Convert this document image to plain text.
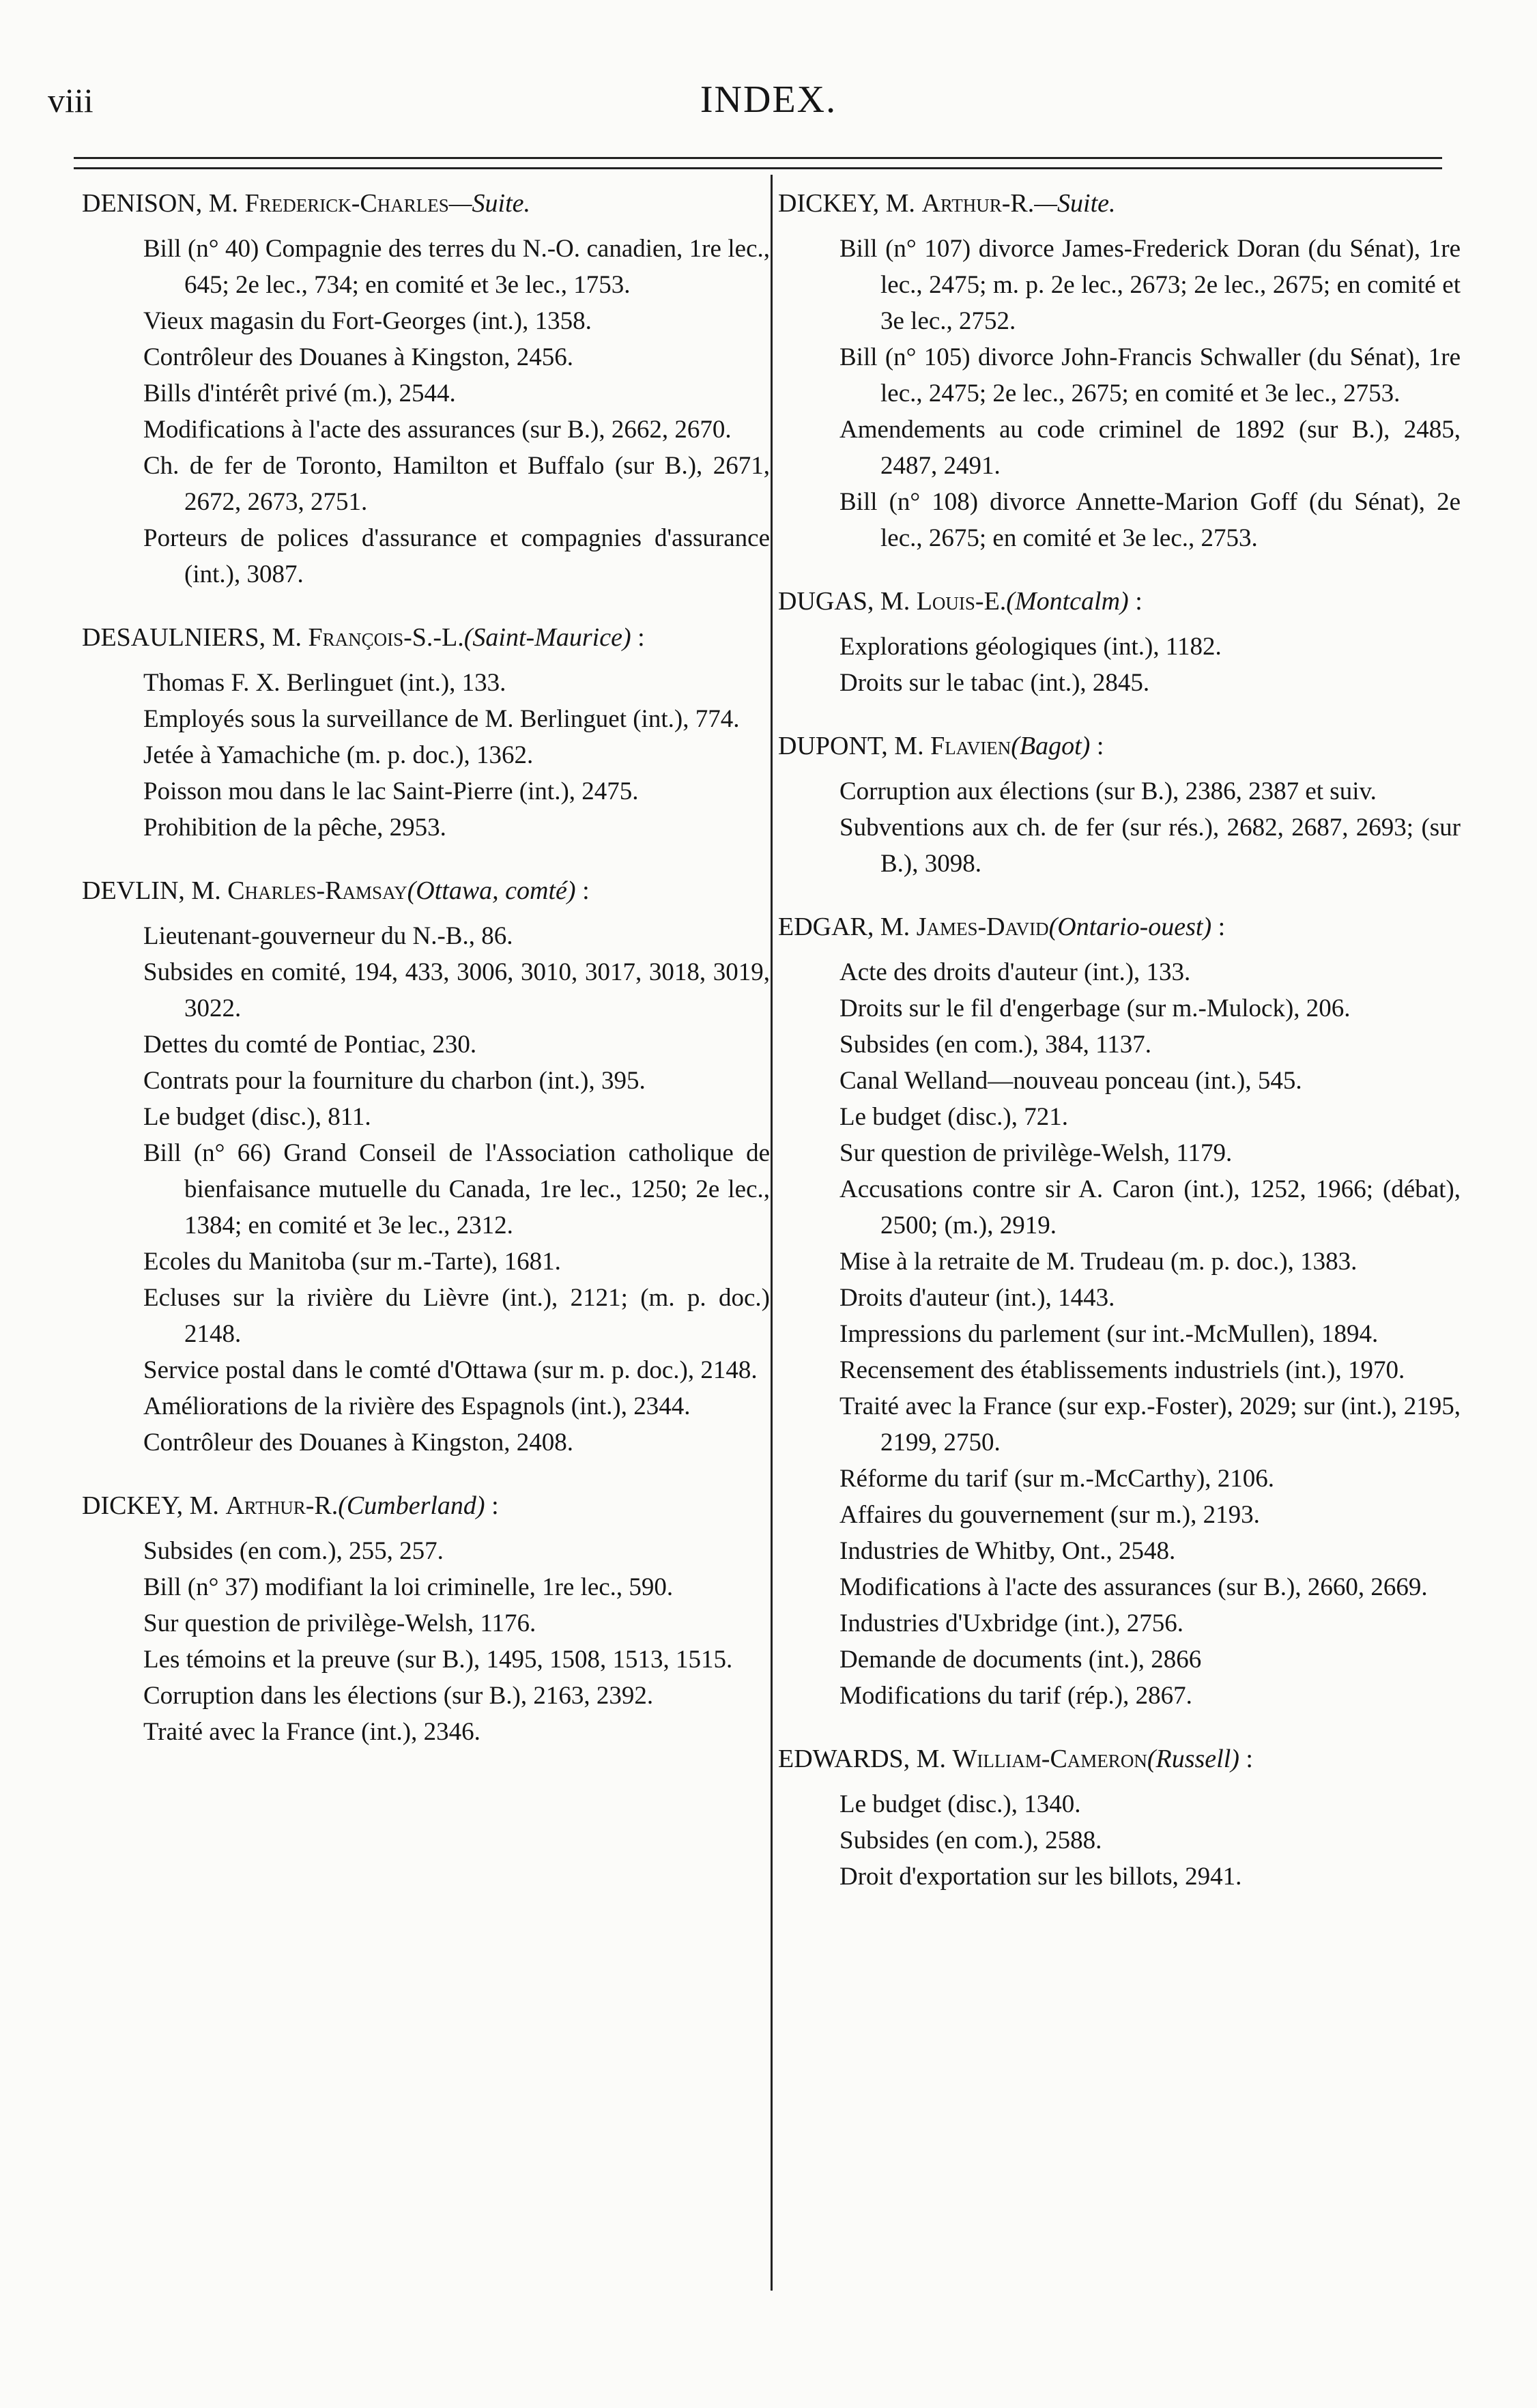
viii	INDEX.
DENISON, M. Frederick-Charles—Suite.
Bill (n° 40) Compagnie des terres du N.-O. canadien, 1re lec., 645; 2e lec., 734; en comité et 3e lec., 1753.
Vieux magasin du Fort-Georges (int.), 1358.
Contrôleur des Douanes à Kingston, 2456.
Bills d'intérêt privé (m.), 2544.
Modifications à l'acte des assurances (sur B.), 2662, 2670.
Ch. de fer de Toronto, Hamilton et Buffalo (sur B.), 2671, 2672, 2673, 2751.
Porteurs de polices d'assurance et compagnies d'assurance (int.), 3087.
DESAULNIERS, M. François-S.-L.(Saint-Maurice) :
Thomas F. X. Berlinguet (int.), 133.
Employés sous la surveillance de M. Berlinguet (int.), 774.
Jetée à Yamachiche (m. p. doc.), 1362.
Poisson mou dans le lac Saint-Pierre (int.), 2475.
Prohibition de la pêche, 2953.
DEVLIN, M. Charles-Ramsay(Ottawa, comté) :
Lieutenant-gouverneur du N.-B., 86.
Subsides en comité, 194, 433, 3006, 3010, 3017, 3018, 3019, 3022.
Dettes du comté de Pontiac, 230.
Contrats pour la fourniture du charbon (int.), 395.
Le budget (disc.), 811.
Bill (n° 66) Grand Conseil de l'Association catholique de bienfaisance mutuelle du Canada, 1re lec., 1250; 2e lec., 1384; en comité et 3e lec., 2312.
Ecoles du Manitoba (sur m.-Tarte), 1681.
Ecluses sur la rivière du Lièvre (int.), 2121; (m. p. doc.) 2148.
Service postal dans le comté d'Ottawa (sur m. p. doc.), 2148.
Améliorations de la rivière des Espagnols (int.), 2344.
Contrôleur des Douanes à Kingston, 2408.
DICKEY, M. Arthur-R.(Cumberland) :
Subsides (en com.), 255, 257.
Bill (n° 37) modifiant la loi criminelle, 1re lec., 590.
Sur question de privilège-Welsh, 1176.
Les témoins et la preuve (sur B.), 1495, 1508, 1513, 1515.
Corruption dans les élections (sur B.), 2163, 2392.
Traité avec la France (int.), 2346.
DICKEY, M. Arthur-R.—Suite.
Bill (n° 107) divorce James-Frederick Doran (du Sénat), 1re lec., 2475; m. p. 2e lec., 2673; 2e lec., 2675; en comité et 3e lec., 2752.
Bill (n° 105) divorce John-Francis Schwaller (du Sénat), 1re lec., 2475; 2e lec., 2675; en comité et 3e lec., 2753.
Amendements au code criminel de 1892 (sur B.), 2485, 2487, 2491.
Bill (n° 108) divorce Annette-Marion Goff (du Sénat), 2e lec., 2675; en comité et 3e lec., 2753.
DUGAS, M. Louis-E.(Montcalm) :
Explorations géologiques (int.), 1182.
Droits sur le tabac (int.), 2845.
DUPONT, M. Flavien(Bagot) :
Corruption aux élections (sur B.), 2386, 2387 et suiv.
Subventions aux ch. de fer (sur rés.), 2682, 2687, 2693; (sur B.), 3098.
EDGAR, M. James-David(Ontario-ouest) :
Acte des droits d'auteur (int.), 133.
Droits sur le fil d'engerbage (sur m.-Mulock), 206.
Subsides (en com.), 384, 1137.
Canal Welland—nouveau ponceau (int.), 545.
Le budget (disc.), 721.
Sur question de privilège-Welsh, 1179.
Accusations contre sir A. Caron (int.), 1252, 1966; (débat), 2500; (m.), 2919.
Mise à la retraite de M. Trudeau (m. p. doc.), 1383.
Droits d'auteur (int.), 1443.
Impressions du parlement (sur int.-McMullen), 1894.
Recensement des établissements industriels (int.), 1970.
Traité avec la France (sur exp.-Foster), 2029; sur (int.), 2195, 2199, 2750.
Réforme du tarif (sur m.-McCarthy), 2106.
Affaires du gouvernement (sur m.), 2193.
Industries de Whitby, Ont., 2548.
Modifications à l'acte des assurances (sur B.), 2660, 2669.
Industries d'Uxbridge (int.), 2756.
Demande de documents (int.), 2866
Modifications du tarif (rép.), 2867.
EDWARDS, M. William-Cameron(Russell) :
Le budget (disc.), 1340.
Subsides (en com.), 2588.
Droit d'exportation sur les billots, 2941.
